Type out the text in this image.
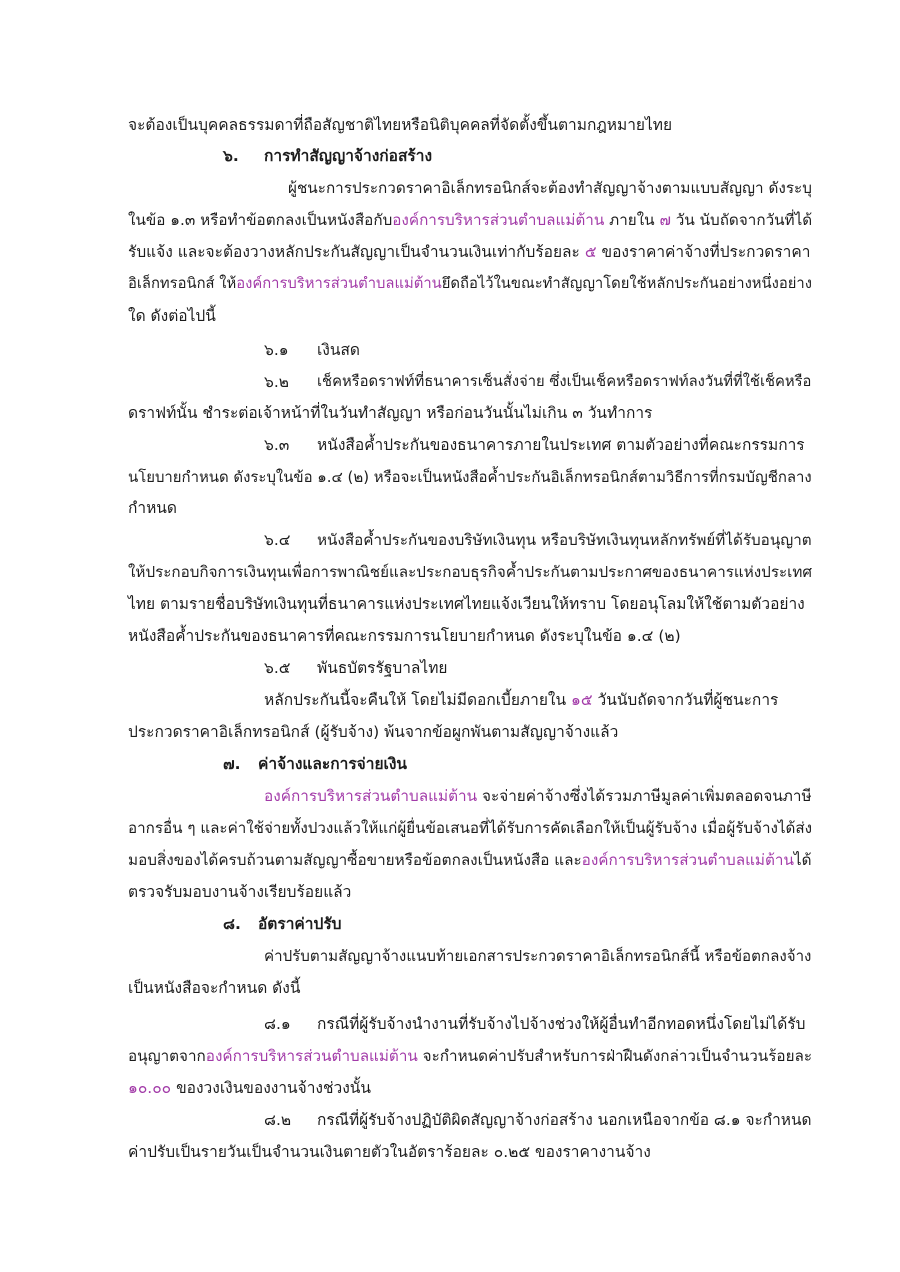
จะต้องเป็นบุคคลธรรมดาที่ถือสัญชาติไทยหรือนิติบุคคลที่จัดตั้งขึ้นตามกฎหมายไทย
๖. การทำสัญญาจ้างก่อสร้าง
ผู้ชนะการประกวดราคาอิเล็กทรอนิกส์จะต้องทำสัญญาจ้างตามแบบสัญญา ดังระบุ
ในข้อ ๑.๓ หรือทำข้อตกลงเป็นหนังสือกับองค์การบริหารส่วนตำบลแม่ต้าน ภายใน ๗ วัน นับถัดจากวันที่ได้
รับแจ้ง และจะต้องวางหลักประกันสัญญาเป็นจำนวนเงินเท่ากับร้อยละ ๕ ของราคาค่าจ้างที่ประกวดราคา
อิเล็กทรอนิกส์ ให้องค์การบริหารส่วนตำบลแม่ต้านยึดถือไว้ในขณะทำสัญญาโดยใช้หลักประกันอย่างหนึ่งอย่าง
ใด ดังต่อไปนี้
๖.๑ เงินสด
๖.๒ เช็คหรือดราฟท์ที่ธนาคารเซ็นสั่งจ่าย ซึ่งเป็นเช็คหรือดราฟท์ลงวันที่ที่ใช้เช็คหรือ
ดราฟท์นั้น ชำระต่อเจ้าหน้าที่ในวันทำสัญญา หรือก่อนวันนั้นไม่เกิน ๓ วันทำการ
๖.๓ หนังสือค้ำประกันของธนาคารภายในประเทศ ตามตัวอย่างที่คณะกรรมการ
นโยบายกำหนด ดังระบุในข้อ ๑.๔ (๒) หรือจะเป็นหนังสือค้ำประกันอิเล็กทรอนิกส์ตามวิธีการที่กรมบัญชีกลาง
กำหนด
๖.๔ หนังสือค้ำประกันของบริษัทเงินทุน หรือบริษัทเงินทุนหลักทรัพย์ที่ได้รับอนุญาต
ให้ประกอบกิจการเงินทุนเพื่อการพาณิชย์และประกอบธุรกิจค้ำประกันตามประกาศของธนาคารแห่งประเทศ
ไทย ตามรายชื่อบริษัทเงินทุนที่ธนาคารแห่งประเทศไทยแจ้งเวียนให้ทราบ โดยอนุโลมให้ใช้ตามตัวอย่าง
หนังสือค้ำประกันของธนาคารที่คณะกรรมการนโยบายกำหนด ดังระบุในข้อ ๑.๔ (๒)
๖.๕ พันธบัตรรัฐบาลไทย
หลักประกันนี้จะคืนให้ โดยไม่มีดอกเบี้ยภายใน ๑๕ วันนับถัดจากวันที่ผู้ชนะการ
ประกวดราคาอิเล็กทรอนิกส์ (ผู้รับจ้าง) พ้นจากข้อผูกพันตามสัญญาจ้างแล้ว
๗. ค่าจ้างและการจ่ายเงิน
องค์การบริหารส่วนตำบลแม่ต้าน จะจ่ายค่าจ้างซึ่งได้รวมภาษีมูลค่าเพิ่มตลอดจนภาษี
อากรอื่น ๆ และค่าใช้จ่ายทั้งปวงแล้วให้แก่ผู้ยื่นข้อเสนอที่ได้รับการคัดเลือกให้เป็นผู้รับจ้าง เมื่อผู้รับจ้างได้ส่ง
มอบสิ่งของได้ครบถ้วนตามสัญญาซื้อขายหรือข้อตกลงเป็นหนังสือ และองค์การบริหารส่วนตำบลแม่ต้านได้
ตรวจรับมอบงานจ้างเรียบร้อยแล้ว
๘. อัตราค่าปรับ
ค่าปรับตามสัญญาจ้างแนบท้ายเอกสารประกวดราคาอิเล็กทรอนิกส์นี้ หรือข้อตกลงจ้าง
เป็นหนังสือจะกำหนด ดังนี้
๘.๑ กรณีที่ผู้รับจ้างนำงานที่รับจ้างไปจ้างช่วงให้ผู้อื่นทำอีกทอดหนึ่งโดยไม่ได้รับ
อนุญาตจากองค์การบริหารส่วนตำบลแม่ต้าน จะกำหนดค่าปรับสำหรับการฝ่าฝืนดังกล่าวเป็นจำนวนร้อยละ
๑๐.๐๐ ของวงเงินของงานจ้างช่วงนั้น
๘.๒ กรณีที่ผู้รับจ้างปฏิบัติผิดสัญญาจ้างก่อสร้าง นอกเหนือจากข้อ ๘.๑ จะกำหนด
ค่าปรับเป็นรายวันเป็นจำนวนเงินตายตัวในอัตราร้อยละ ๐.๒๕ ของราคางานจ้าง
